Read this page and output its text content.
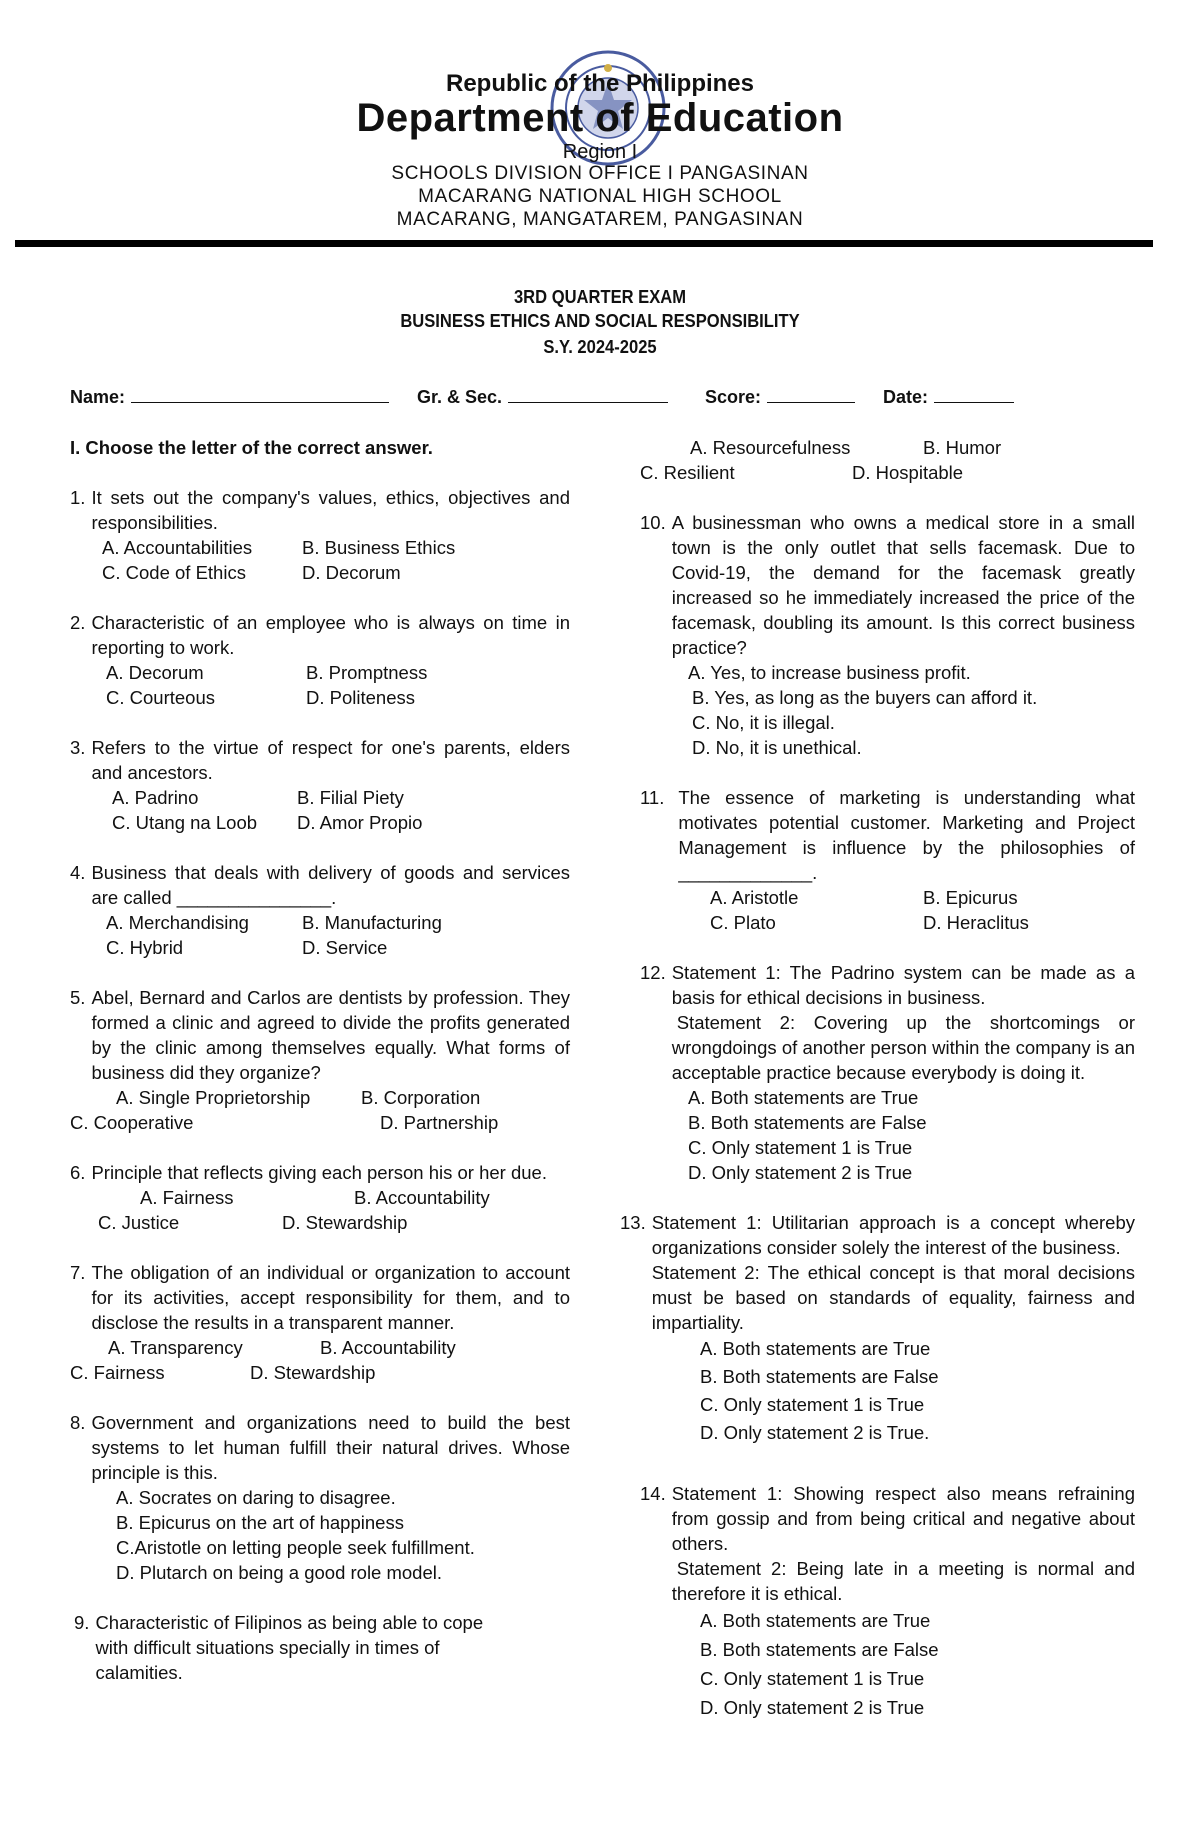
Republic of the Philippines
Department of Education
Region I
SCHOOLS DIVISION OFFICE I PANGASINAN
MACARANG NATIONAL HIGH SCHOOL
MACARANG, MANGATAREM, PANGASINAN
3RD QUARTER EXAM
BUSINESS ETHICS AND SOCIAL RESPONSIBILITY
S.Y. 2024-2025
Name:	Gr. & Sec.	Score:	Date:
I. Choose the letter of the correct answer.
1. It sets out the company's values, ethics, objectives and responsibilities.
A. Accountabilities	B. Business Ethics
C. Code of Ethics	D. Decorum
2. Characteristic of an employee who is always on time in reporting to work.
A. Decorum	B. Promptness
C. Courteous	D. Politeness
3. Refers to the virtue of respect for one's parents, elders and ancestors.
A. Padrino	B. Filial Piety
C. Utang na Loob	D. Amor Propio
4. Business that deals with delivery of goods and services are called _______________.
A. Merchandising	B. Manufacturing
C. Hybrid	D. Service
5. Abel, Bernard and Carlos are dentists by profession. They formed a clinic and agreed to divide the profits generated by the clinic among themselves equally. What forms of business did they organize?
A. Single Proprietorship	B. Corporation
C. Cooperative	D. Partnership
6. Principle that reflects giving each person his or her due.
A. Fairness	B. Accountability
C. Justice	D. Stewardship
7. The obligation of an individual or organization to account for its activities, accept responsibility for them, and to disclose the results in a transparent manner.
A. Transparency	B. Accountability
C. Fairness	D. Stewardship
8. Government and organizations need to build the best systems to let human fulfill their natural drives. Whose principle is this.
A. Socrates on daring to disagree.
B. Epicurus on the art of happiness
C.Aristotle on letting people seek fulfillment.
D. Plutarch on being a good role model.
9. Characteristic of Filipinos as being able to cope with difficult situations specially in times of calamities.
A. Resourcefulness	B. Humor
C. Resilient	D. Hospitable
10. A businessman who owns a medical store in a small town is the only outlet that sells facemask. Due to Covid-19, the demand for the facemask greatly increased so he immediately increased the price of the facemask, doubling its amount. Is this correct business practice?
A. Yes, to increase business profit.
B. Yes, as long as the buyers can afford it.
C. No, it is illegal.
D. No, it is unethical.
11. The essence of marketing is understanding what motivates potential customer. Marketing and Project Management is influence by the philosophies of _____________.
A. Aristotle	B. Epicurus
C. Plato	D. Heraclitus
12. Statement 1: The Padrino system can be made as a basis for ethical decisions in business.
Statement 2: Covering up the shortcomings or wrongdoings of another person within the company is an acceptable practice because everybody is doing it.
A. Both statements are True
B. Both statements are False
C. Only statement 1 is True
D. Only statement 2 is True
13. Statement 1: Utilitarian approach is a concept whereby organizations consider solely the interest of the business.
Statement 2: The ethical concept is that moral decisions must be based on standards of equality, fairness and impartiality.
A. Both statements are True
B. Both statements are False
C. Only statement 1 is True
D. Only statement 2 is True.
14. Statement 1: Showing respect also means refraining from gossip and from being critical and negative about others.
Statement 2: Being late in a meeting is normal and therefore it is ethical.
A. Both statements are True
B. Both statements are False
C. Only statement 1 is True
D. Only statement 2 is True
